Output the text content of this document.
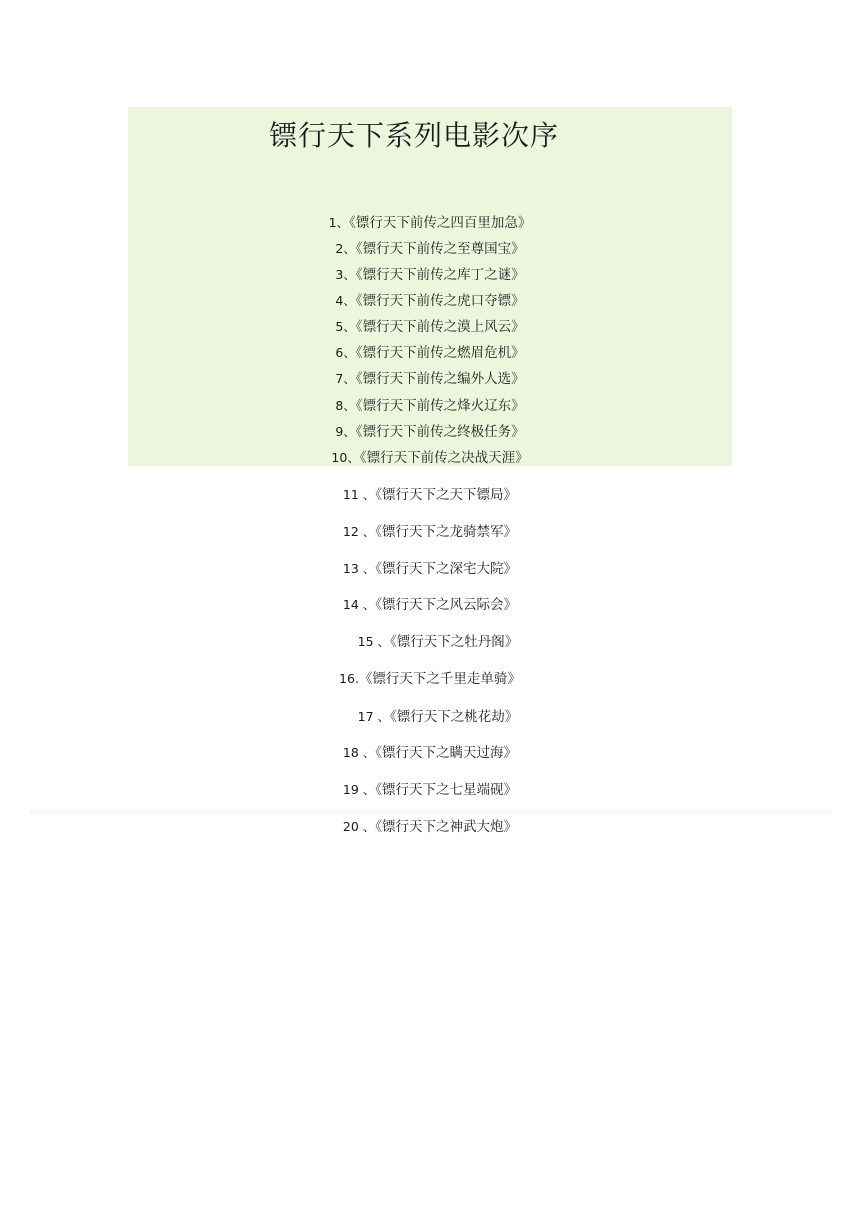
镖行天下系列电影次序
1、《镖行天下前传之四百里加急》
2、《镖行天下前传之至尊国宝》
3、《镖行天下前传之库丁之谜》
4、《镖行天下前传之虎口夺镖》
5、《镖行天下前传之漠上风云》
6、《镖行天下前传之燃眉危机》
7、《镖行天下前传之编外人选》
8、《镖行天下前传之烽火辽东》
9、《镖行天下前传之终极任务》
10、《镖行天下前传之决战天涯》
11 、《镖行天下之天下镖局》
12 、《镖行天下之龙骑禁军》
13 、《镖行天下之深宅大院》
14 、《镖行天下之风云际会》
15 、《镖行天下之牡丹阁》
16.《镖行天下之千里走单骑》
17 、《镖行天下之桃花劫》
18 、《镖行天下之瞒天过海》
19 、《镖行天下之七星端砚》
20 、《镖行天下之神武大炮》
